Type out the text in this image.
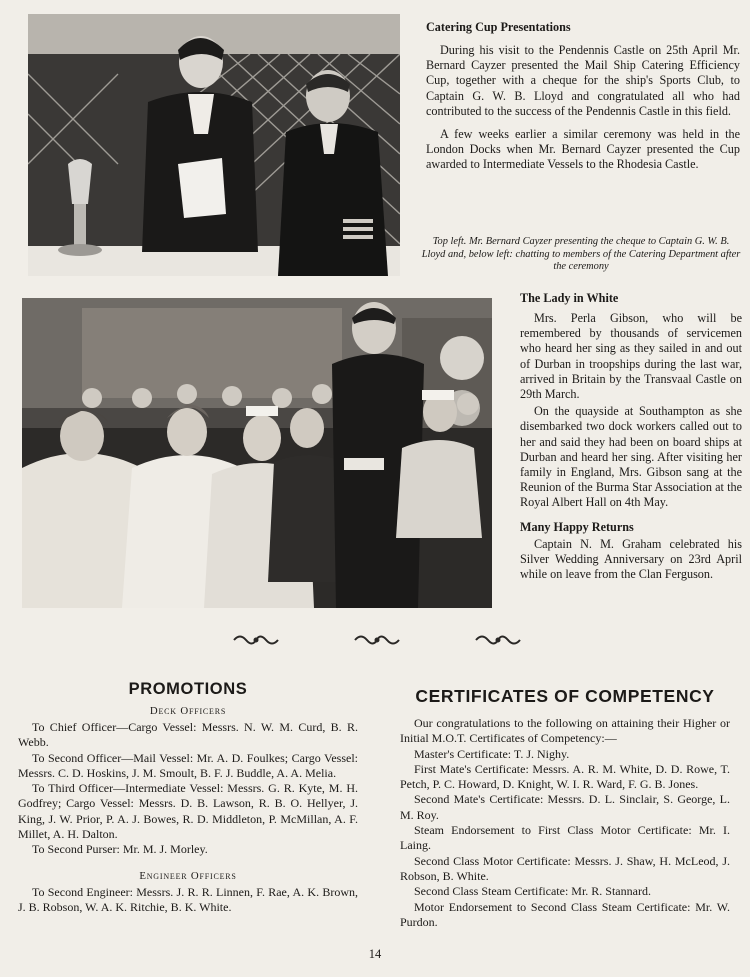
Catering Cup Presentations

During his visit to the Pendennis Castle on 25th April Mr. Bernard Cayzer presented the Mail Ship Catering Efficiency Cup, together with a cheque for the ship's Sports Club, to Captain G. W. B. Lloyd and congratulated all who had contributed to the success of the Pendennis Castle in this field.

A few weeks earlier a similar ceremony was held in the London Docks when Mr. Bernard Cayzer presented the Cup awarded to Intermediate Vessels to the Rhodesia Castle.

Top left. Mr. Bernard Cayzer presenting the cheque to Captain G. W. B. Lloyd and, below left: chatting to members of the Catering Department after the ceremony

The Lady in White

Mrs. Perla Gibson, who will be remembered by thousands of servicemen who heard her sing as they sailed in and out of Durban in troopships during the last war, arrived in Britain by the Transvaal Castle on 29th March.

On the quayside at Southampton as she disembarked two dock workers called out to her and said they had been on board ships at Durban and heard her sing. After visiting her family in England, Mrs. Gibson sang at the Reunion of the Burma Star Association at the Royal Albert Hall on 4th May.

Many Happy Returns

Captain N. M. Graham celebrated his Silver Wedding Anniversary on 23rd April while on leave from the Clan Ferguson.

PROMOTIONS

Deck Officers

To Chief Officer—Cargo Vessel: Messrs. N. W. M. Curd, B. R. Webb.

To Second Officer—Mail Vessel: Mr. A. D. Foulkes; Cargo Vessel: Messrs. C. D. Hoskins, J. M. Smoult, B. F. J. Buddle, A. A. Melia.

To Third Officer—Intermediate Vessel: Messrs. G. R. Kyte, M. H. Godfrey; Cargo Vessel: Messrs. D. B. Lawson, R. B. O. Hellyer, J. King, J. W. Prior, P. A. J. Bowes, R. D. Middleton, P. McMillan, A. F. Millet, A. H. Dalton.

To Second Purser: Mr. M. J. Morley.

Engineer Officers

To Second Engineer: Messrs. J. R. R. Linnen, F. Rae, A. K. Brown, J. B. Robson, W. A. K. Ritchie, B. K. White.

CERTIFICATES OF COMPETENCY

Our congratulations to the following on attaining their Higher or Initial M.O.T. Certificates of Competency:—

Master's Certificate: T. J. Nighy.

First Mate's Certificate: Messrs. A. R. M. White, D. D. Rowe, T. Petch, P. C. Howard, D. Knight, W. I. R. Ward, F. G. B. Jones.

Second Mate's Certificate: Messrs. D. L. Sinclair, S. George, L. M. Roy.

Steam Endorsement to First Class Motor Certificate: Mr. I. Laing.

Second Class Motor Certificate: Messrs. J. Shaw, H. McLeod, J. Robson, B. White.

Second Class Steam Certificate: Mr. R. Stannard.

Motor Endorsement to Second Class Steam Certificate: Mr. W. Purdon.

14
